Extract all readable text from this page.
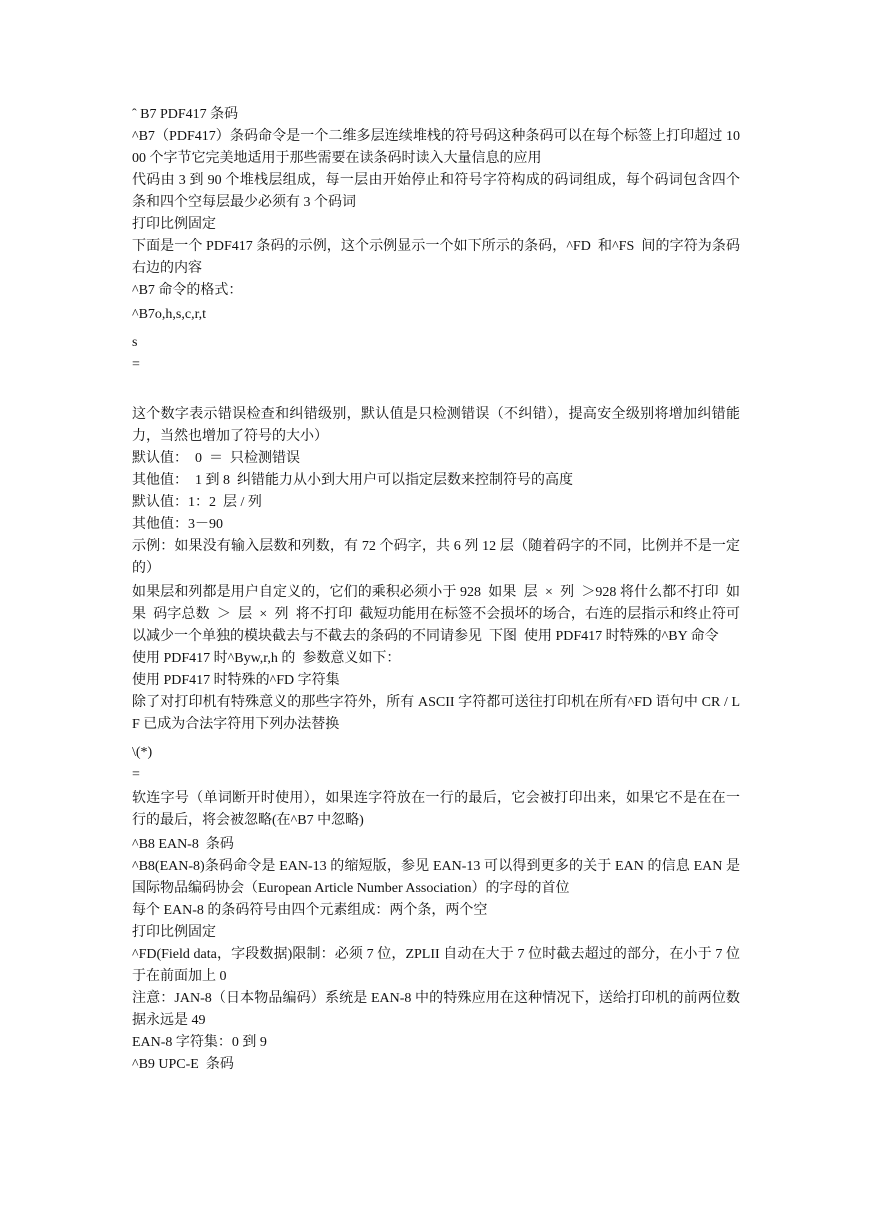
ˆ B7 PDF417 条码

^B7（PDF417）条码命令是一个二维多层连续堆栈的符号码这种条码可以在每个标签上打印超过 1000 个字节它完美地适用于那些需要在读条码时读入大量信息的应用

代码由 3 到 90 个堆栈层组成，每一层由开始停止和符号字符构成的码词组成，每个码词包含四个条和四个空每层最少必须有 3 个码词

打印比例固定

下面是一个 PDF417 条码的示例，这个示例显示一个如下所示的条码，^FD  和^FS  间的字符为条码右边的内容

^B7 命令的格式：

^B7o,h,s,c,r,t

s

=

这个数字表示错误检查和纠错级别，默认值是只检测错误（不纠错），提高安全级别将增加纠错能力，当然也增加了符号的大小）

默认值：  0  ＝  只检测错误

其他值：  1 到 8  纠错能力从小到大用户可以指定层数来控制符号的高度

默认值：1：2  层 / 列

其他值：3－90

示例：如果没有输入层数和列数，有 72 个码字，共 6 列 12 层（随着码字的不同，比例并不是一定的）

如果层和列都是用户自定义的，它们的乘积必须小于 928  如果  层  ×  列  ＞928 将什么都不打印  如果  码字总数  ＞  层  ×  列  将不打印  截短功能用在标签不会损坏的场合，右连的层指示和终止符可以减少一个单独的模块截去与不截去的条码的不同请参见  下图  使用 PDF417 时特殊的^BY 命令

使用 PDF417 时^Byw,r,h 的  参数意义如下：

使用 PDF417 时特殊的^FD 字符集

除了对打印机有特殊意义的那些字符外，所有 ASCII 字符都可送往打印机在所有^FD 语句中 CR / LF 已成为合法字符用下列办法替换

\(*)

=

软连字号（单词断开时使用），如果连字符放在一行的最后，它会被打印出来，如果它不是在在一行的最后，将会被忽略(在^B7 中忽略)

^B8 EAN-8  条码

^B8(EAN-8)条码命令是 EAN-13 的缩短版，参见 EAN-13 可以得到更多的关于 EAN 的信息 EAN 是国际物品编码协会（European Article Number Association）的字母的首位

每个 EAN-8 的条码符号由四个元素组成：两个条，两个空

打印比例固定

^FD(Field data，字段数据)限制：必须 7 位，ZPLII 自动在大于 7 位时截去超过的部分，在小于 7 位于在前面加上 0

注意：JAN-8（日本物品编码）系统是 EAN-8 中的特殊应用在这种情况下，送给打印机的前两位数据永远是 49

EAN-8 字符集：0 到 9

^B9 UPC-E  条码
